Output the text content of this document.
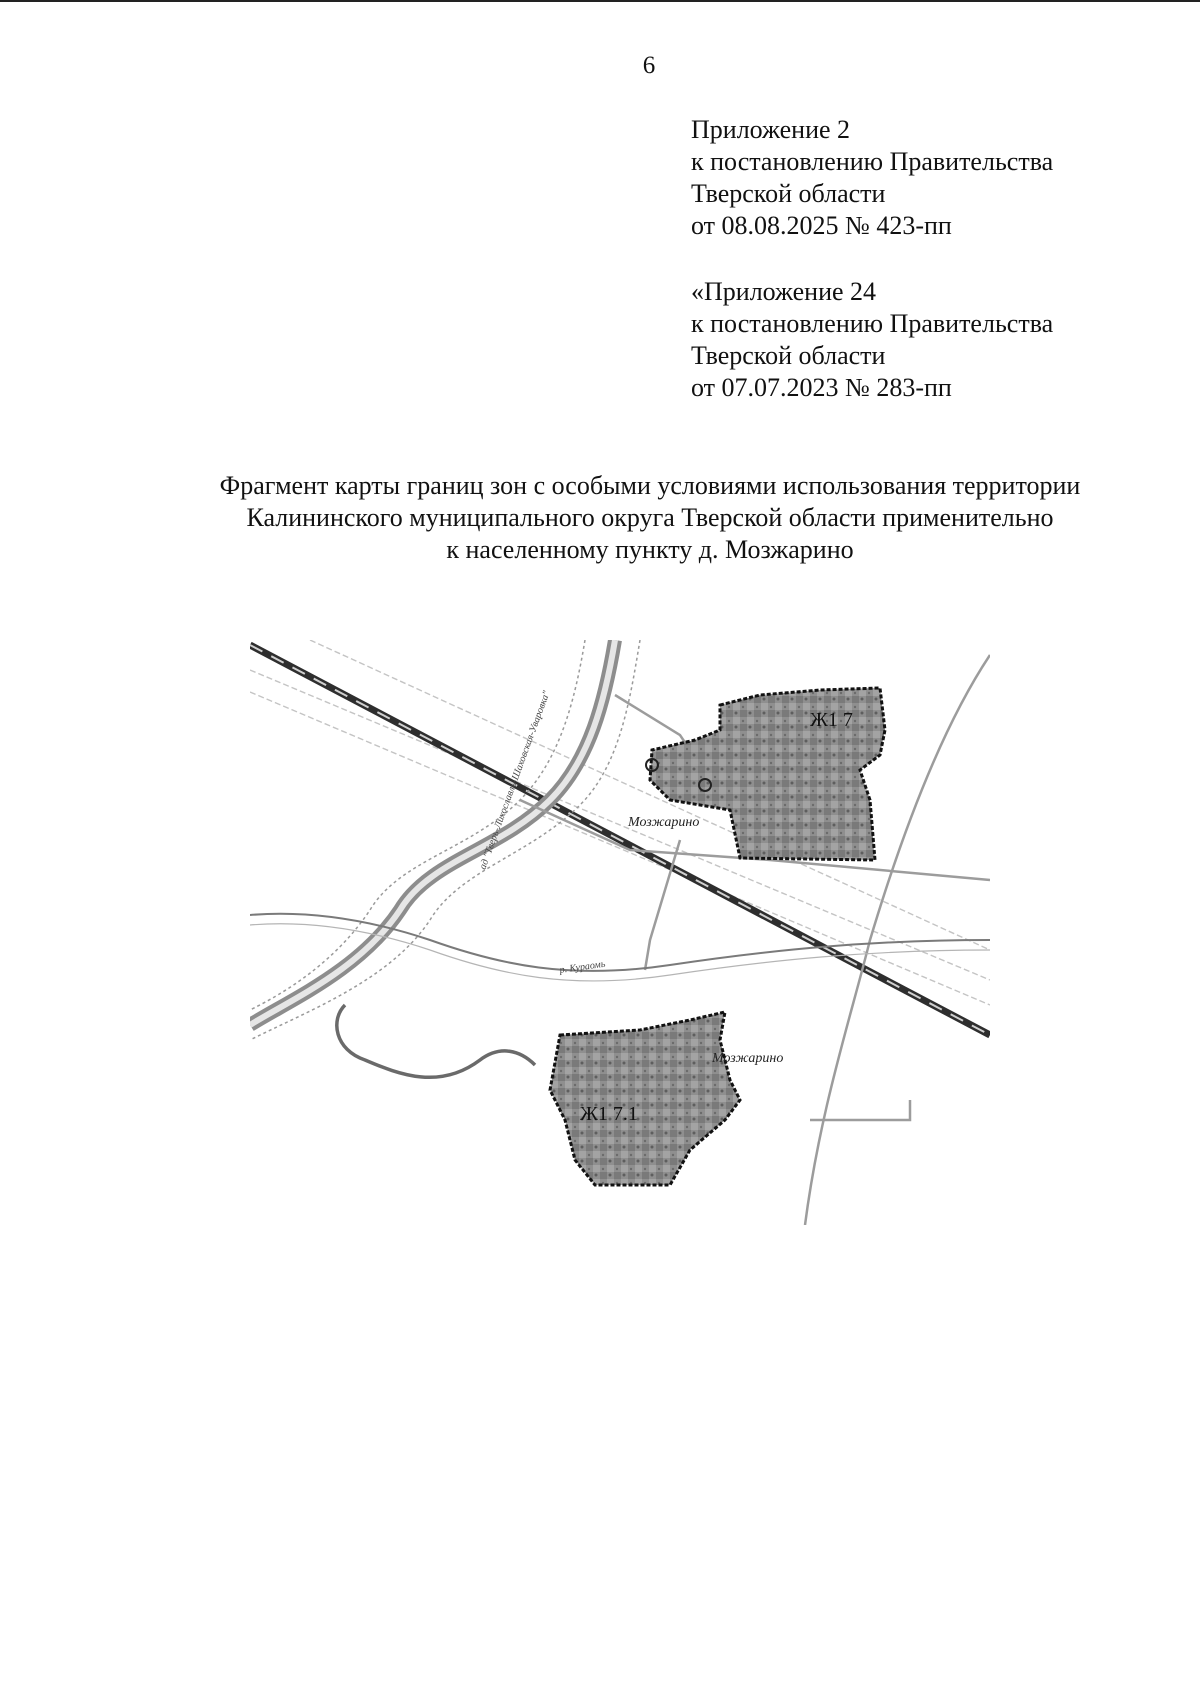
6
Приложение 2
к постановлению Правительства
Тверской области
от 08.08.2025 № 423-пп
«Приложение 24
к постановлению Правительства
Тверской области
от 07.07.2023 № 283-пп
Фрагмент карты границ зон с особыми условиями использования территории
Калининского муниципального округа Тверской области применительно
к населенному пункту д. Мозжарино
Ж1 7
Ж1 7.1
Мозжарино
Мозжарино
ад "Тверь-Лихославль-Шаховская-Уваровка"
р. Кураомь
